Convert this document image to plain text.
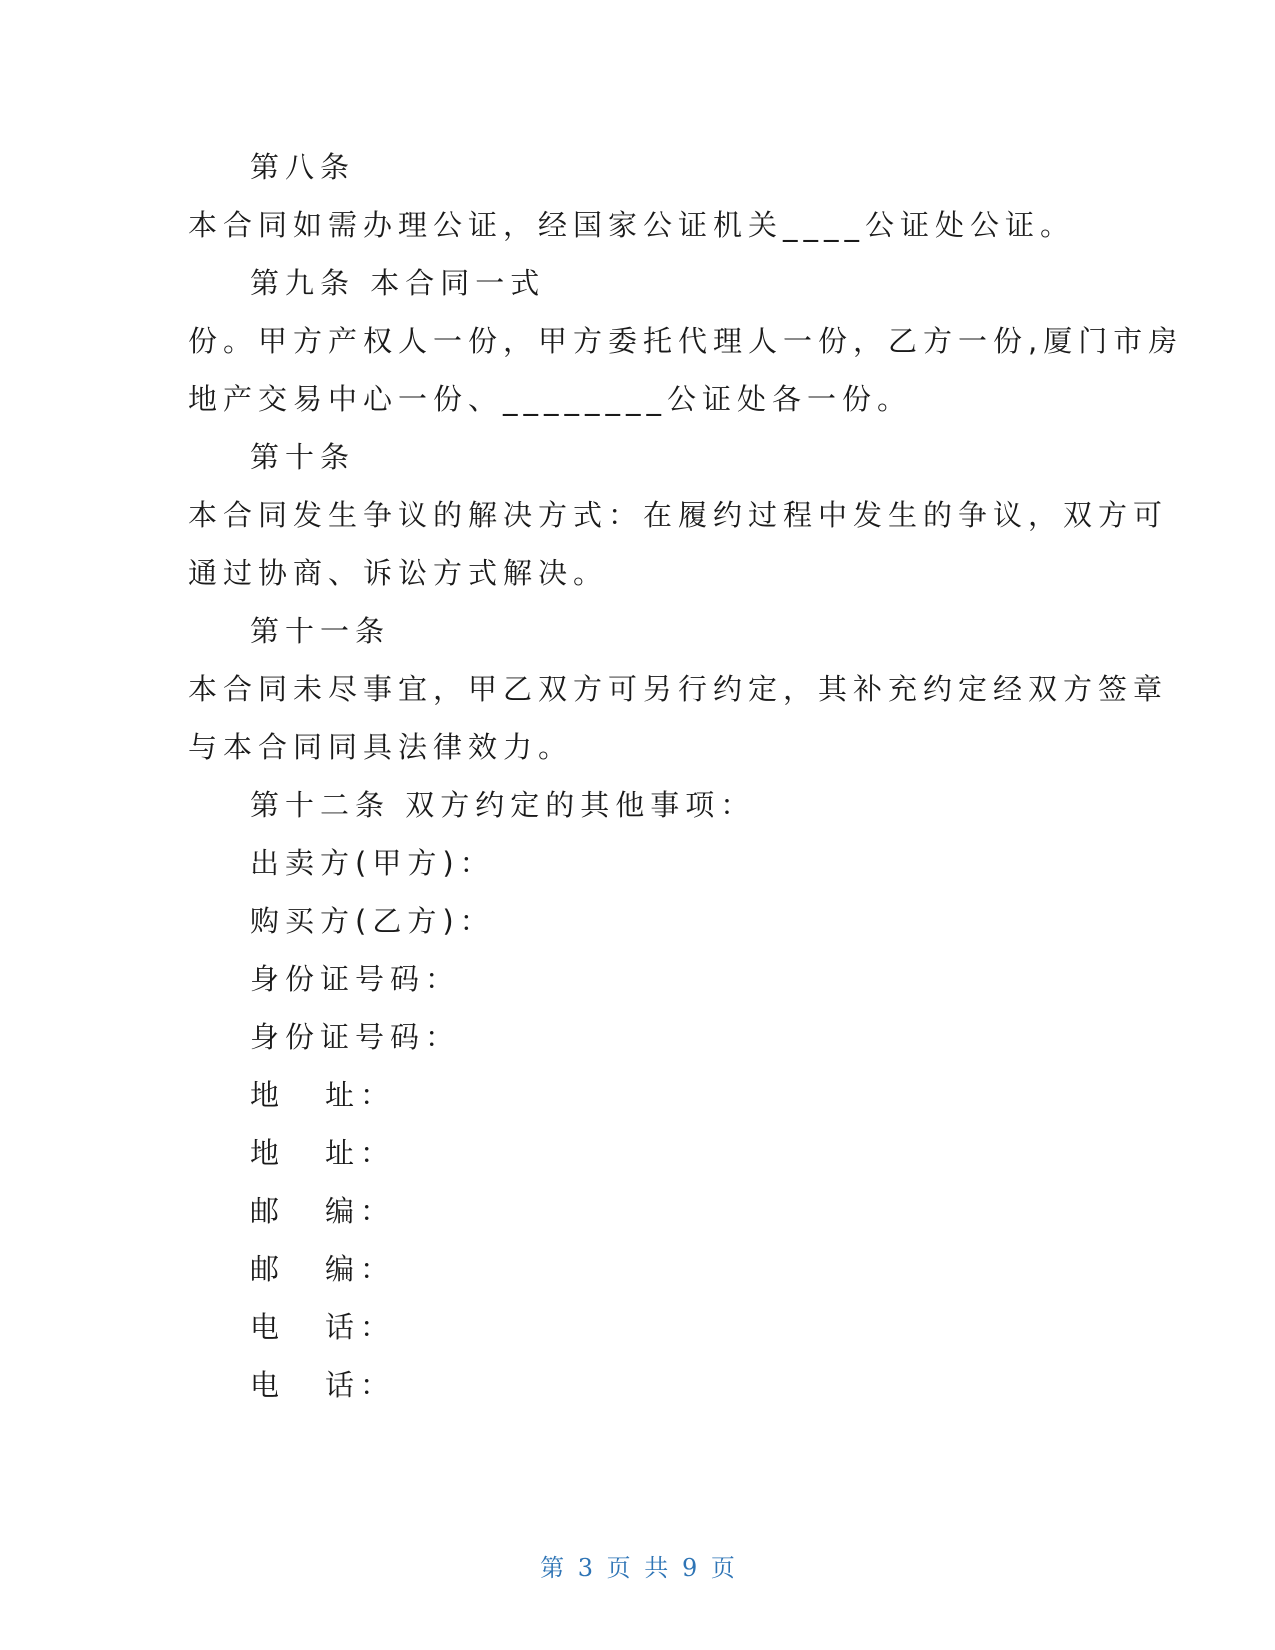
第八条
本合同如需办理公证，经国家公证机关____公证处公证。
第九条 本合同一式
份。甲方产权人一份，甲方委托代理人一份，乙方一份,厦门市房
地产交易中心一份、________公证处各一份。
第十条
本合同发生争议的解决方式：在履约过程中发生的争议，双方可
通过协商、诉讼方式解决。
第十一条
本合同未尽事宜，甲乙双方可另行约定，其补充约定经双方签章
与本合同同具法律效力。
第十二条 双方约定的其他事项：
出卖方(甲方)：
购买方(乙方)：
身份证号码：
身份证号码：
地 址：
地 址：
邮 编：
邮 编：
电 话：
电 话：
第 3 页 共 9 页
